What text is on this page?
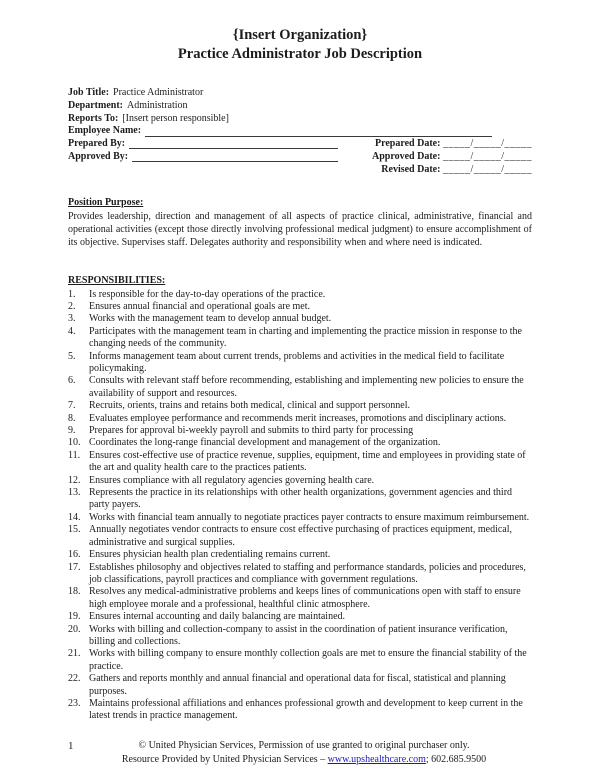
{Insert Organization}
Practice Administrator Job Description
Job Title: Practice Administrator
Department: Administration
Reports To: [Insert person responsible]
Employee Name:
Prepared By:	Prepared Date:
_____/_____/_____
Approved By:	Approved Date:
_____/_____/_____
Revised Date:
_____/_____/_____
Position Purpose:

Provides leadership, direction and management of all aspects of practice clinical, administrative, financial and operational activities (except those directly involving professional medical judgment) to ensure accomplishment of its objective. Supervises staff. Delegates authority and responsibility when and where need is indicated.

RESPONSIBILITIES:
Is responsible for the day-to-day operations of the practice.
Ensures annual financial and operational goals are met.
Works with the management team to develop annual budget.
Participates with the management team in charting and implementing the practice mission in response to the changing needs of the community.
Informs management team about current trends, problems and activities in the medical field to facilitate policymaking.
Consults with relevant staff before recommending, establishing and implementing new policies to ensure the availability of support and resources.
Recruits, orients, trains and retains both medical, clinical and support personnel.
Evaluates employee performance and recommends merit increases, promotions and disciplinary actions.
Prepares for approval bi-weekly payroll and submits to third party for processing
Coordinates the long-range financial development and management of the organization.
Ensures cost-effective use of practice revenue, supplies, equipment, time and employees in providing state of the art and quality health care to the practices patients.
Ensures compliance with all regulatory agencies governing health care.
Represents the practice in its relationships with other health organizations, government agencies and third party payers.
Works with financial team annually to negotiate practices payer contracts to ensure maximum reimbursement.
Annually negotiates vendor contracts to ensure cost effective purchasing of practices equipment, medical, administrative and surgical supplies.
Ensures physician health plan credentialing remains current.
Establishes philosophy and objectives related to staffing and performance standards, policies and procedures, job classifications, payroll practices and compliance with government regulations.
Resolves any medical-administrative problems and keeps lines of communications open with staff to ensure high employee morale and a professional, healthful clinic atmosphere.
Ensures internal accounting and daily balancing are maintained.
Works with billing and collection-company to assist in the coordination of patient insurance verification, billing and collections.
Works with billing company to ensure monthly collection goals are met to ensure the financial stability of the practice.
Gathers and reports monthly and annual financial and operational data for fiscal, statistical and planning purposes.
Maintains professional affiliations and enhances professional growth and development to keep current in the latest trends in practice management.
1	© United Physician Services, Permission of use granted to original purchaser only.
Resource Provided by United Physician Services – www.upshealthcare.com; 602.685.9500
